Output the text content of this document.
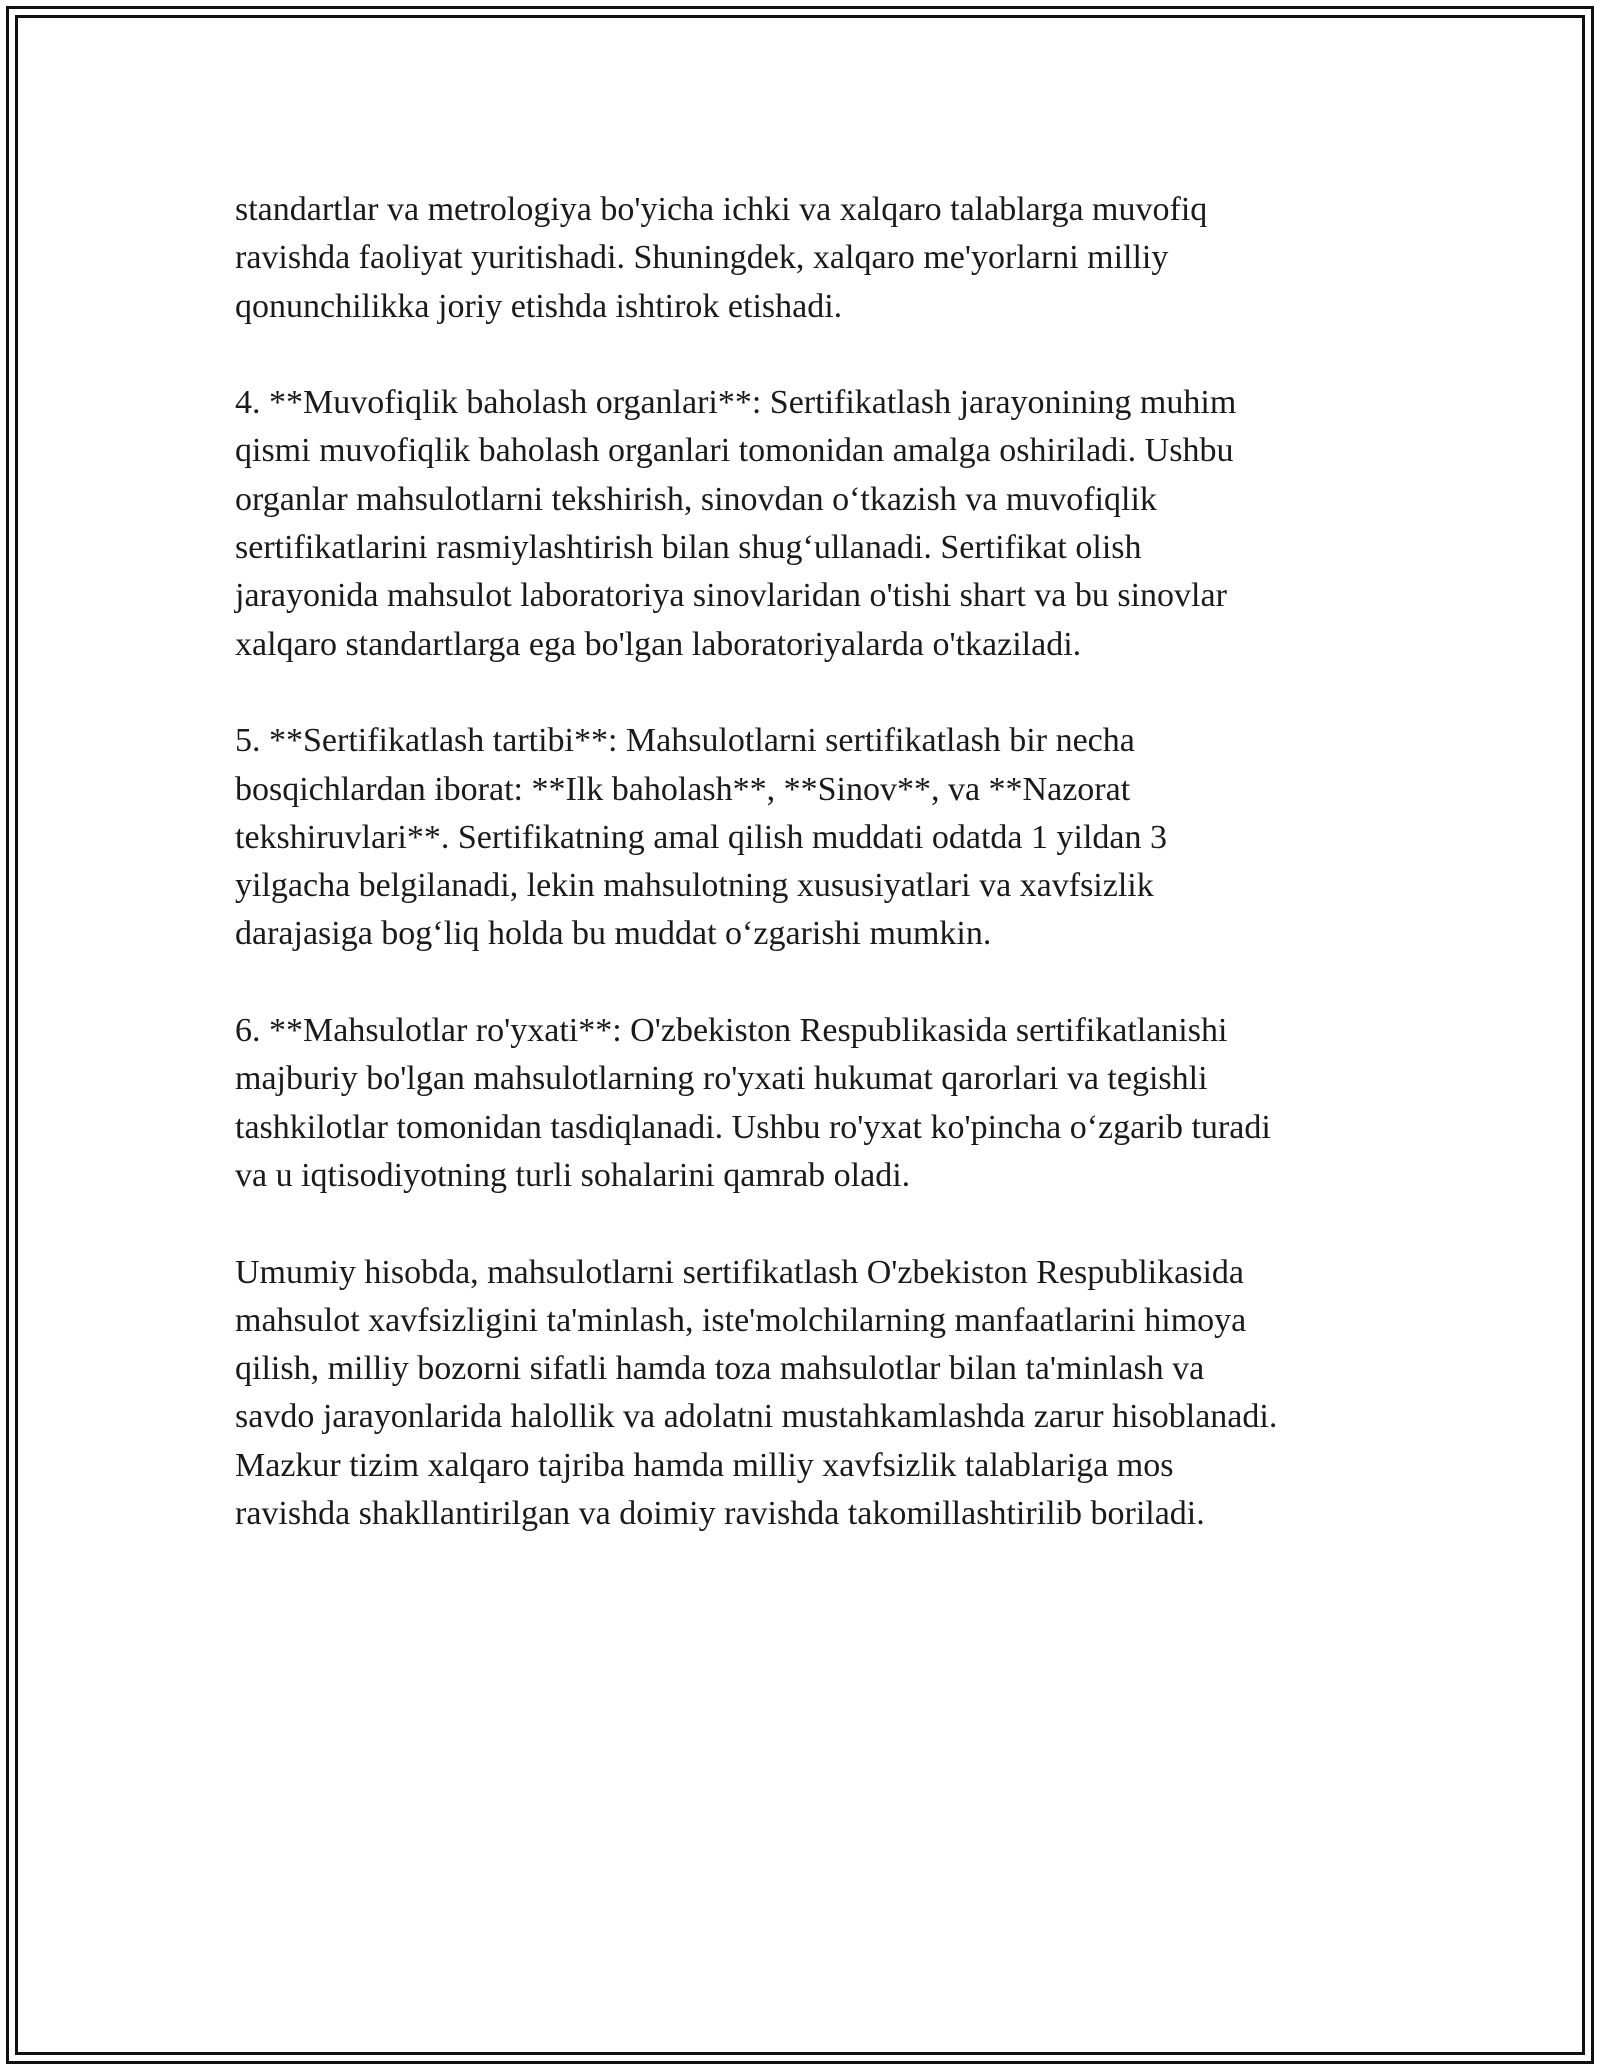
standartlar va metrologiya bo'yicha ichki va xalqaro talablarga muvofiq
ravishda faoliyat yuritishadi. Shuningdek, xalqaro me'yorlarni milliy
qonunchilikka joriy etishda ishtirok etishadi.

4. **Muvofiqlik baholash organlari**: Sertifikatlash jarayonining muhim
qismi muvofiqlik baholash organlari tomonidan amalga oshiriladi. Ushbu
organlar mahsulotlarni tekshirish, sinovdan o‘tkazish va muvofiqlik
sertifikatlarini rasmiylashtirish bilan shug‘ullanadi. Sertifikat olish
jarayonida mahsulot laboratoriya sinovlaridan o'tishi shart va bu sinovlar
xalqaro standartlarga ega bo'lgan laboratoriyalarda o'tkaziladi.

5. **Sertifikatlash tartibi**: Mahsulotlarni sertifikatlash bir necha
bosqichlardan iborat: **Ilk baholash**, **Sinov**, va **Nazorat
tekshiruvlari**. Sertifikatning amal qilish muddati odatda 1 yildan 3
yilgacha belgilanadi, lekin mahsulotning xususiyatlari va xavfsizlik
darajasiga bog‘liq holda bu muddat o‘zgarishi mumkin.

6. **Mahsulotlar ro'yxati**: O'zbekiston Respublikasida sertifikatlanishi
majburiy bo'lgan mahsulotlarning ro'yxati hukumat qarorlari va tegishli
tashkilotlar tomonidan tasdiqlanadi. Ushbu ro'yxat ko'pincha o‘zgarib turadi
va u iqtisodiyotning turli sohalarini qamrab oladi.

Umumiy hisobda, mahsulotlarni sertifikatlash O'zbekiston Respublikasida
mahsulot xavfsizligini ta'minlash, iste'molchilarning manfaatlarini himoya
qilish, milliy bozorni sifatli hamda toza mahsulotlar bilan ta'minlash va
savdo jarayonlarida halollik va adolatni mustahkamlashda zarur hisoblanadi.
Mazkur tizim xalqaro tajriba hamda milliy xavfsizlik talablariga mos
ravishda shakllantirilgan va doimiy ravishda takomillashtirilib boriladi.
